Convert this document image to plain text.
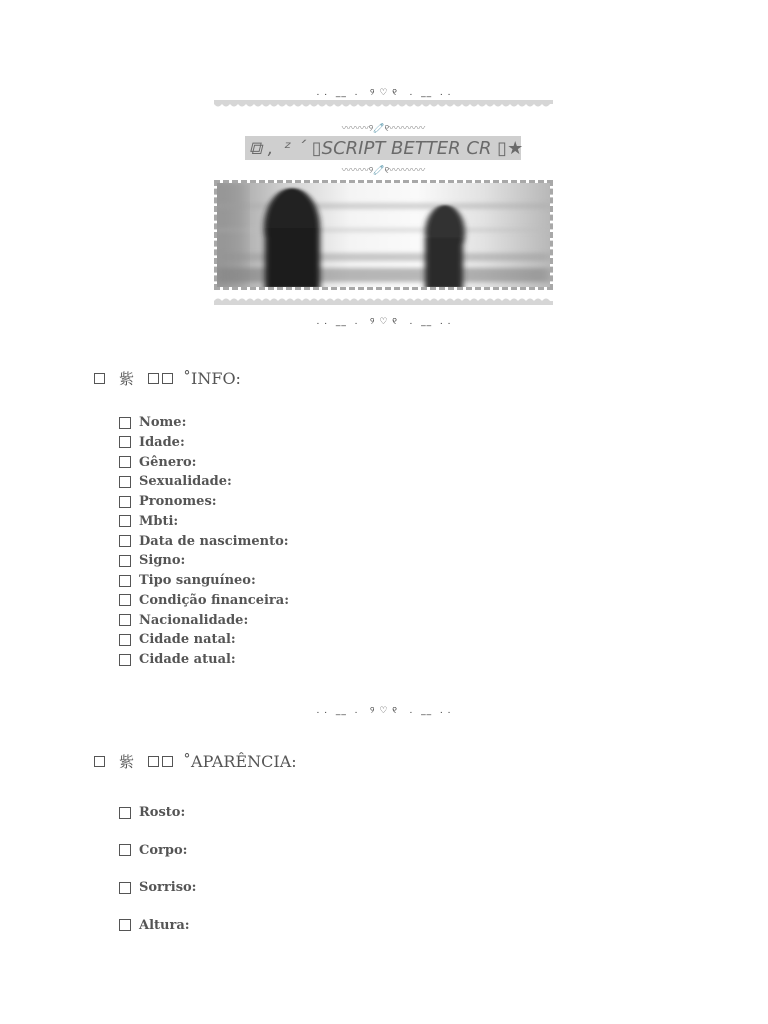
. .  __  .   ୨ ♡ ୧   .  __  . .
〰〰〰୨🧷୧〰〰〰〰
⧉ ,  ᶻ ˊ ▯SCRIPT BETTER CR ▯★
〰〰〰୨🧷୧〰〰〰〰
. .  __  .   ୨ ♡ ୧   .  __  . .
紫	˚INFO:
Nome:
Idade:
Gênero:
Sexualidade:
Pronomes:
Mbti:
Data de nascimento:
Signo:
Tipo sanguíneo:
Condição financeira:
Nacionalidade:
Cidade natal:
Cidade atual:
. .  __  .   ୨ ♡ ୧   .  __  . .
紫	˚APARÊNCIA:
Rosto:
Corpo:
Sorriso:
Altura:
